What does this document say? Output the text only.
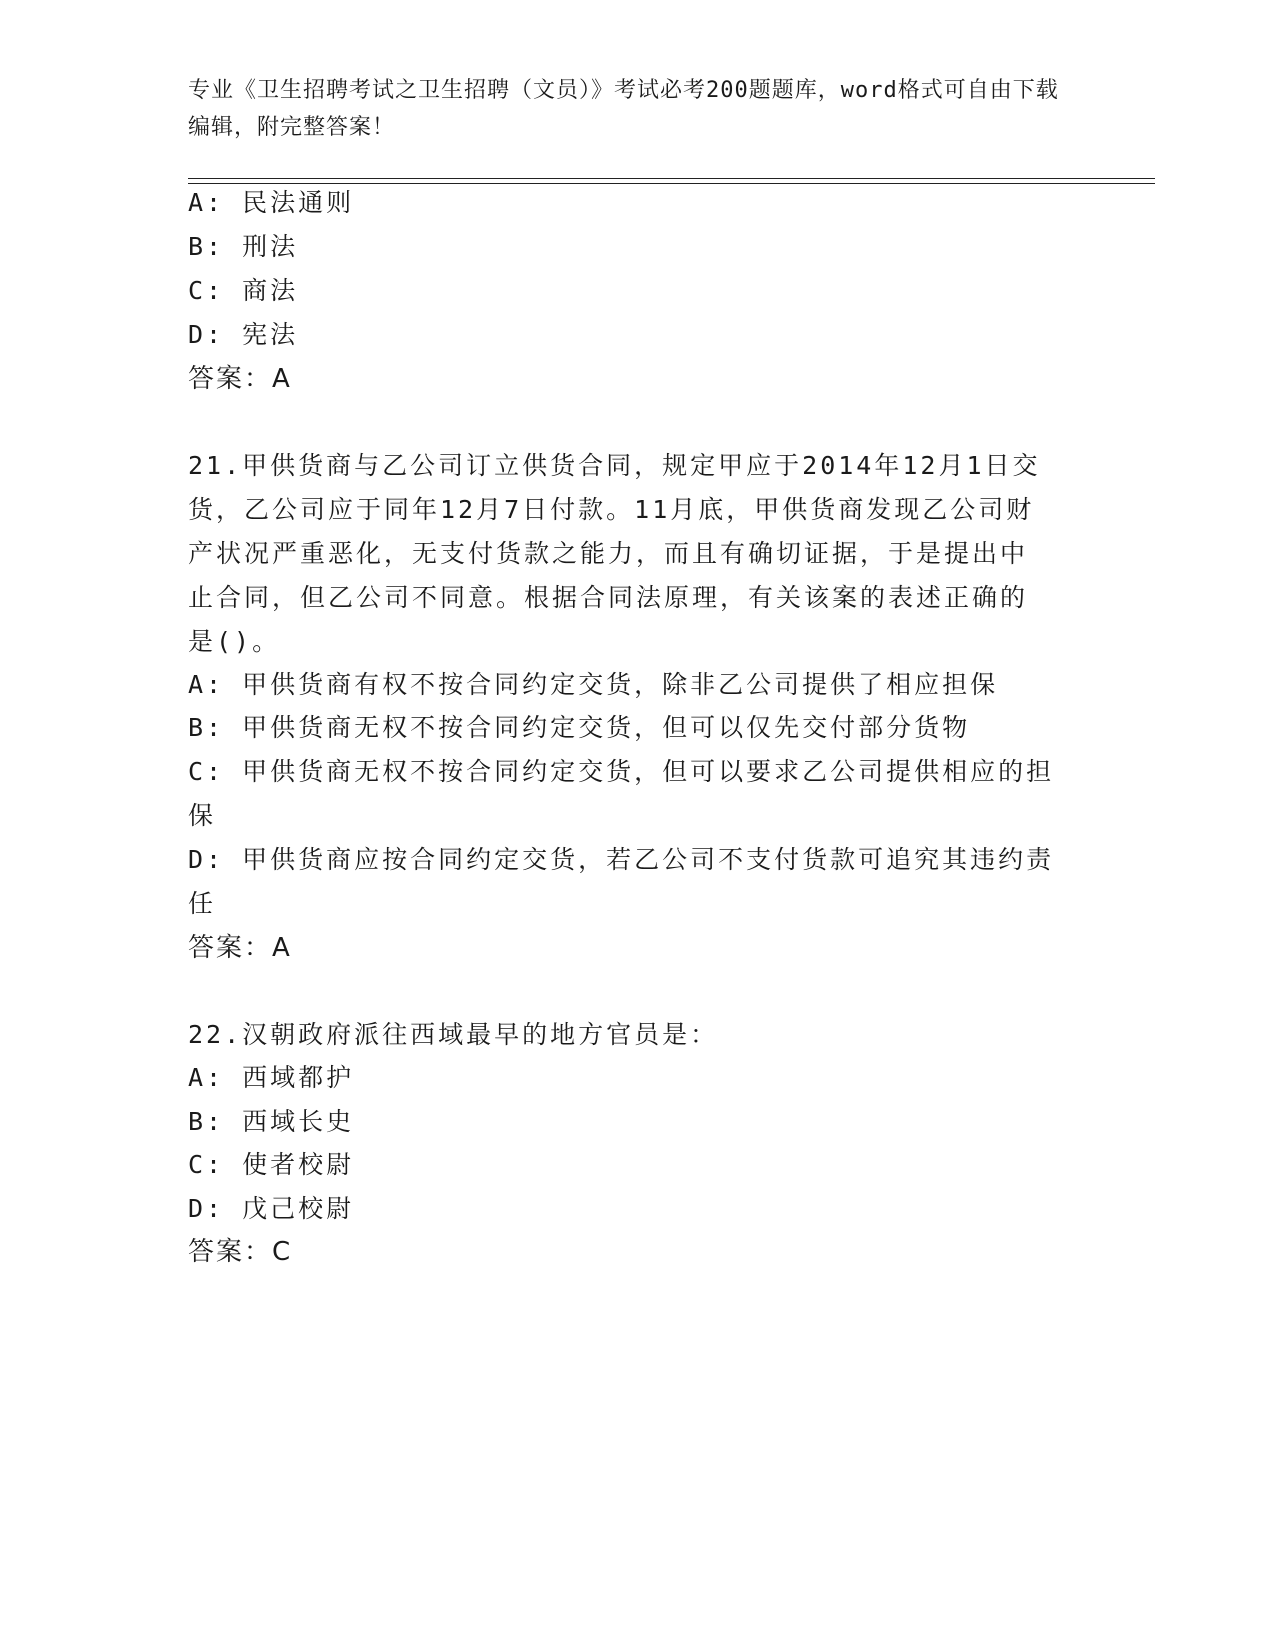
专业《卫生招聘考试之卫生招聘（文员）》考试必考200题题库，word格式可自由下载编辑，附完整答案！
A: 民法通则
B: 刑法
C: 商法
D: 宪法
答案：A
21.甲供货商与乙公司订立供货合同，规定甲应于2014年12月1日交
货，乙公司应于同年12月7日付款。11月底，甲供货商发现乙公司财
产状况严重恶化，无支付货款之能力，而且有确切证据，于是提出中
止合同，但乙公司不同意。根据合同法原理，有关该案的表述正确的
是()。
A: 甲供货商有权不按合同约定交货，除非乙公司提供了相应担保
B: 甲供货商无权不按合同约定交货，但可以仅先交付部分货物
C: 甲供货商无权不按合同约定交货，但可以要求乙公司提供相应的担
保
D: 甲供货商应按合同约定交货，若乙公司不支付货款可追究其违约责
任
答案：A
22.汉朝政府派往西域最早的地方官员是：
A: 西域都护
B: 西域长史
C: 使者校尉
D: 戊己校尉
答案：C
